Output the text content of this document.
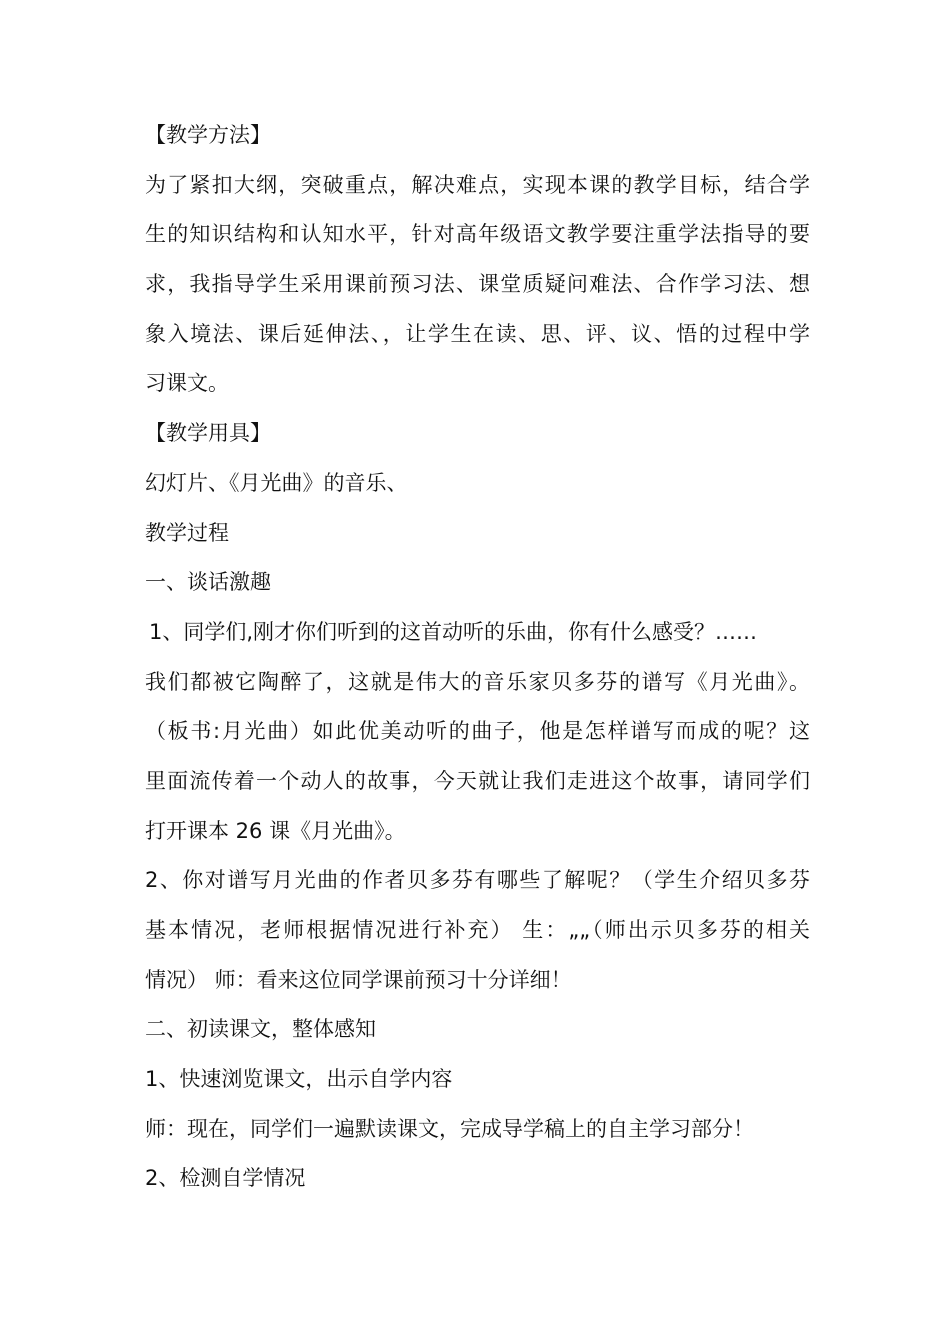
【教学方法】
为了紧扣大纲，突破重点，解决难点，实现本课的教学目标，结合学
生的知识结构和认知水平，针对高年级语文教学要注重学法指导的要
求，我指导学生采用课前预习法、课堂质疑问难法、合作学习法、想
象入境法、课后延伸法、，让学生在读、思、评、议、悟的过程中学
习课文。
【教学用具】
幻灯片、《月光曲》的音乐、
教学过程
一、谈话激趣
1、同学们,刚才你们听到的这首动听的乐曲，你有什么感受？……
我们都被它陶醉了，这就是伟大的音乐家贝多芬的谱写《月光曲》。
（板书:月光曲）如此优美动听的曲子，他是怎样谱写而成的呢？这
里面流传着一个动人的故事，今天就让我们走进这个故事，请同学们
打开课本 26 课《月光曲》。
2、你对谱写月光曲的作者贝多芬有哪些了解呢？（学生介绍贝多芬
基本情况，老师根据情况进行补充） 生：„„（师出示贝多芬的相关
情况） 师：看来这位同学课前预习十分详细！
二、初读课文，整体感知
1、快速浏览课文，出示自学内容
师：现在，同学们一遍默读课文，完成导学稿上的自主学习部分！
2、检测自学情况
